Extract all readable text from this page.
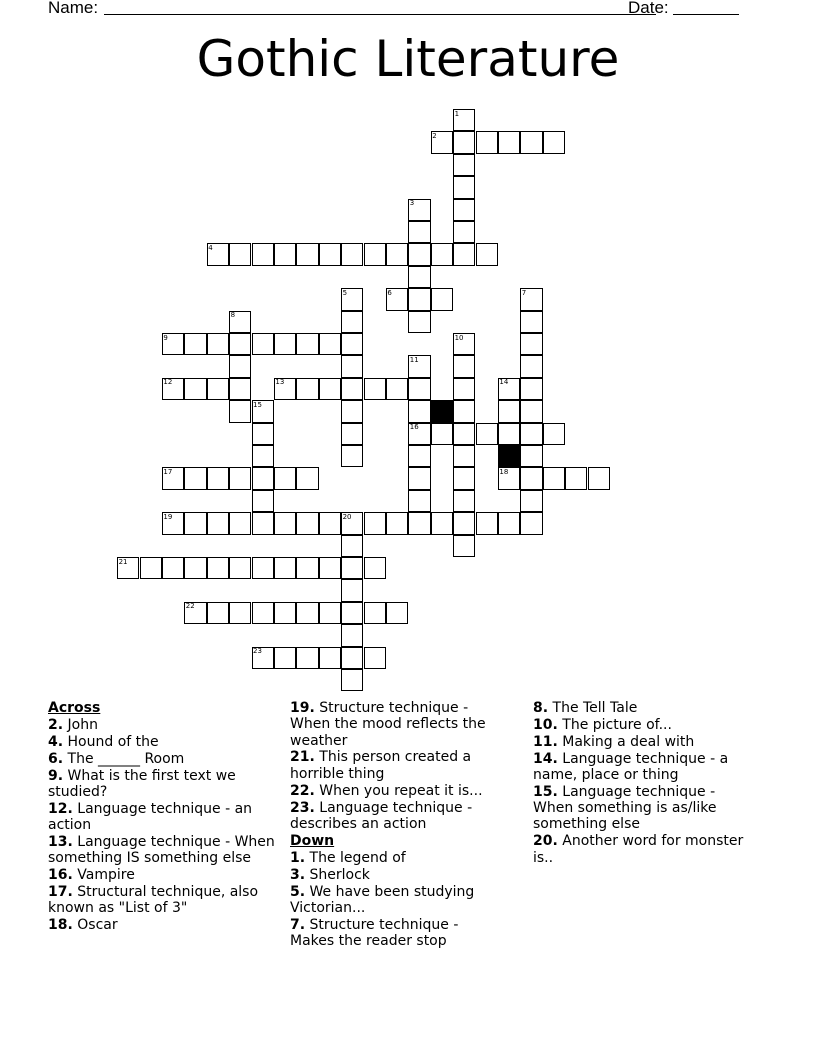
Name:	Date:
Gothic Literature
1
2
3
4
5	6	7
8
9	10
11
12	13	14
15
16
17	18
19	20
21
22
23
Across
2. John
4. Hound of the
6. The ______ Room
9. What is the first text we studied?
12. Language technique - an action
13. Language technique - When something IS something else
16. Vampire
17. Structural technique, also known as "List of 3"
18. Oscar
19. Structure technique - When the mood reflects the weather
21. This person created a horrible thing
22. When you repeat it is...
23. Language technique - describes an action
Down
1. The legend of
3. Sherlock
5. We have been studying Victorian...
7. Structure technique - Makes the reader stop
8. The Tell Tale
10. The picture of...
11. Making a deal with
14. Language technique - a name, place or thing
15. Language technique - When something is as/like something else
20. Another word for monster is..
